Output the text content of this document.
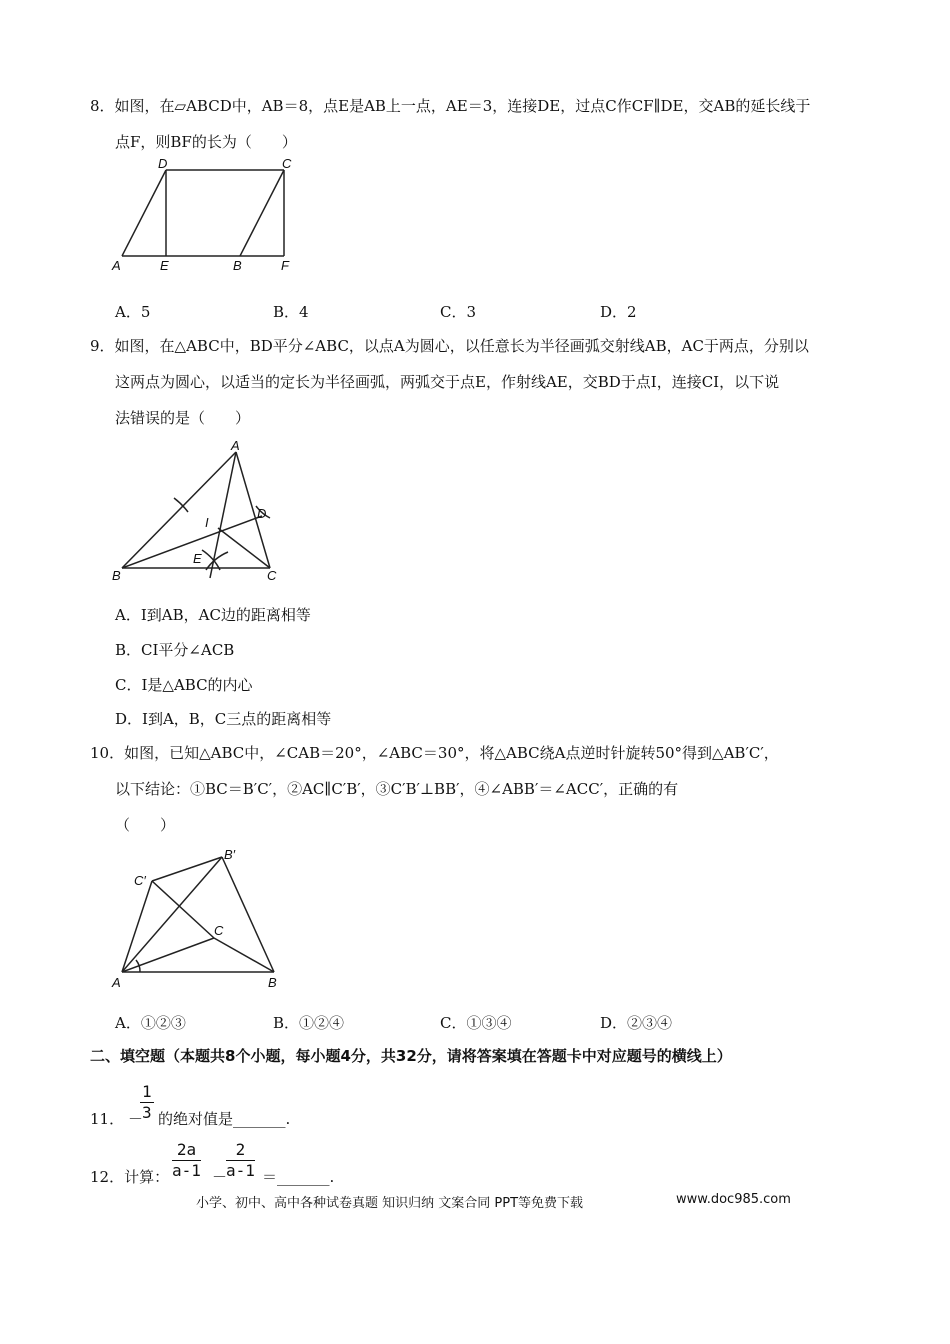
8．如图，在▱ABCD中，AB＝8，点E是AB上一点，AE＝3，连接DE，过点C作CF∥DE，交AB的延长线于
点F，则BF的长为（　　）
A	E	B	F
D	C
A．5	B．4	C．3	D．2
9．如图，在△ABC中，BD平分∠ABC，以点A为圆心，以任意长为半径画弧交射线AB，AC于两点，分别以
这两点为圆心，以适当的定长为半径画弧，两弧交于点E，作射线AE，交BD于点I，连接CI，以下说
法错误的是（　　）
A
B	C
D
E
I
A．I到AB，AC边的距离相等
B．CI平分∠ACB
C．I是△ABC的内心
D．I到A，B，C三点的距离相等
10．如图，已知△ABC中，∠CAB＝20°，∠ABC＝30°，将△ABC绕A点逆时针旋转50°得到△AB′C′，
以下结论：①BC＝B′C′，②AC∥C′B′，③C′B′⊥BB′，④∠ABB′＝∠ACC′，正确的有
（　　）
A	B
C
B′
C′
A．①②③	B．①②④	C．①③④	D．②③④
二、填空题（本题共8个小题，每小题4分，共32分，请将答案填在答题卡中对应题号的横线上）
11． －
$\frac{1}{3}$ 的绝对值是_______.
12．计算： $\frac{2a}{a-1}$ －
$\frac{2}{a-1}$ ＝_______.
小学、初中、高中各种试卷真题 知识归纳 文案合同 PPT等免费下载	www.doc985.com
